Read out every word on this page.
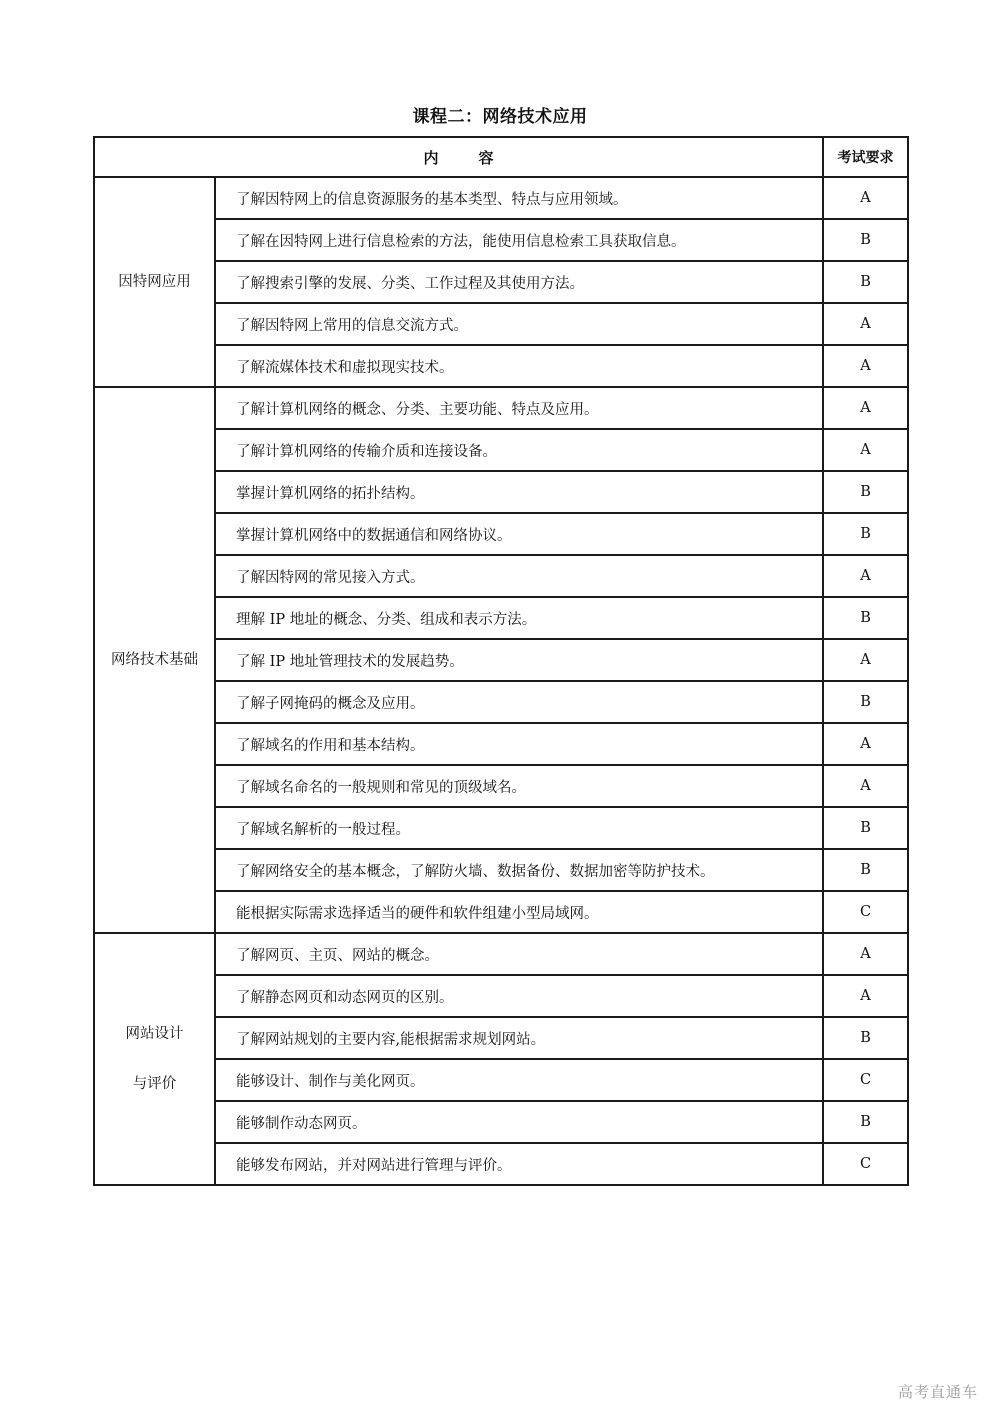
课程二：网络技术应用
内容		考试要求

因特网应用	了解因特网上的信息资源服务的基本类型、特点与应用领域。	A
	了解在因特网上进行信息检索的方法，能使用信息检索工具获取信息。	B
	了解搜索引擎的发展、分类、工作过程及其使用方法。	B
	了解因特网上常用的信息交流方式。	A
	了解流媒体技术和虚拟现实技术。	A

网络技术基础	了解计算机网络的概念、分类、主要功能、特点及应用。	A
	了解计算机网络的传输介质和连接设备。	A
	掌握计算机网络的拓扑结构。	B
	掌握计算机网络中的数据通信和网络协议。	B
	了解因特网的常见接入方式。	A
	理解 IP 地址的概念、分类、组成和表示方法。	B
	了解 IP 地址管理技术的发展趋势。	A
	了解子网掩码的概念及应用。	B
	了解域名的作用和基本结构。	A
	了解域名命名的一般规则和常见的顶级域名。	A
	了解域名解析的一般过程。	B
	了解网络安全的基本概念，了解防火墙、数据备份、数据加密等防护技术。	B
	能根据实际需求选择适当的硬件和软件组建小型局域网。	C

网站设计
与评价	了解网页、主页、网站的概念。	A
	了解静态网页和动态网页的区别。	A
	了解网站规划的主要内容,能根据需求规划网站。	B
	能够设计、制作与美化网页。	C
	能够制作动态网页。	B
	能够发布网站，并对网站进行管理与评价。	C
高考直通车
